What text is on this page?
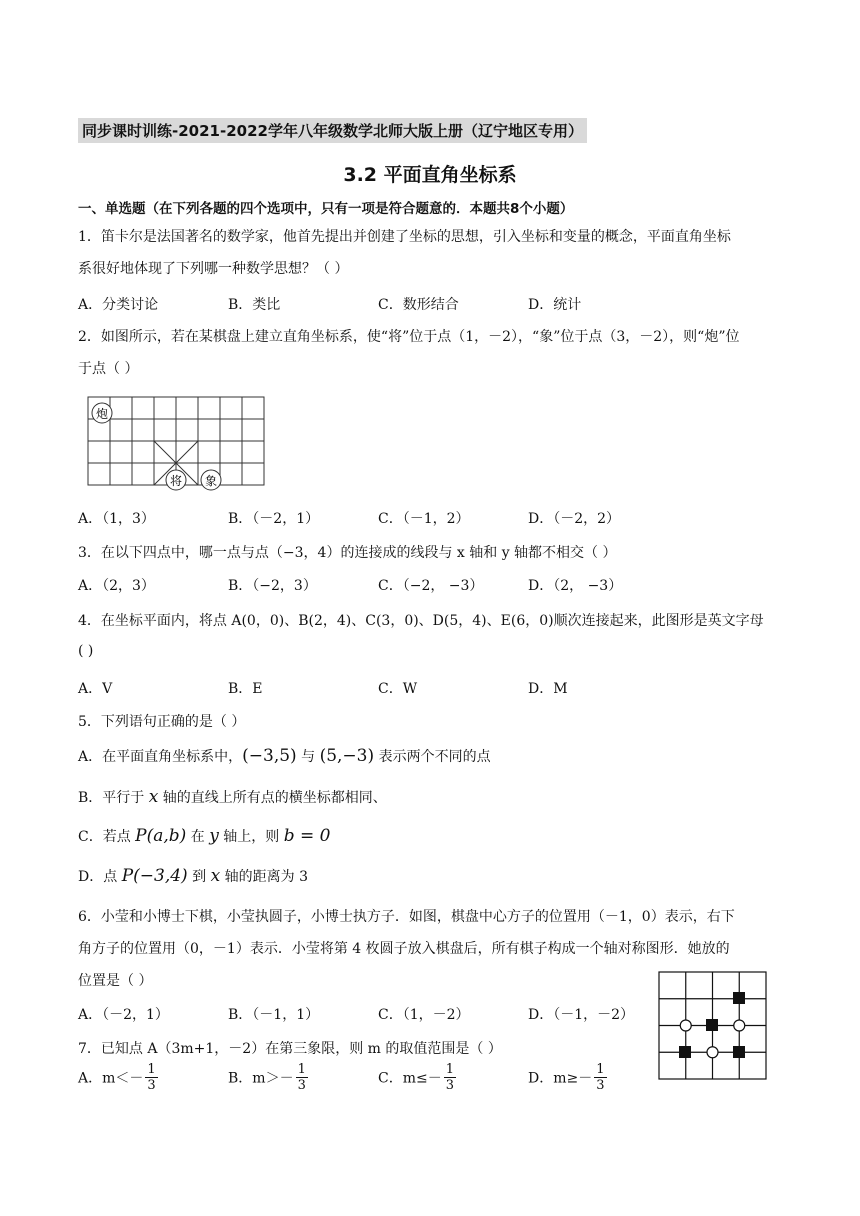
同步课时训练-2021-2022学年八年级数学北师大版上册（辽宁地区专用）
3.2 平面直角坐标系
一、单选题（在下列各题的四个选项中，只有一项是符合题意的．本题共8个小题）
1．笛卡尔是法国著名的数学家，他首先提出并创建了坐标的思想，引入坐标和变量的概念，平面直角坐标
系很好地体现了下列哪一种数学思想？（ ）
A．分类讨论	B．类比	C．数形结合	D．统计
2．如图所示，若在某棋盘上建立直角坐标系，使“将”位于点（1，－2），“象”位于点（3，－2），则“炮”位
于点（ ）
炮
将 象
A．（1，3）	B．（－2，1）	C．（－1，2）	D．（－2，2）
3．在以下四点中，哪一点与点（−3，4）的连接成的线段与 x 轴和 y 轴都不相交（ ）
A．（2，3）	B．（−2，3）	C．（−2， −3）	D．（2， −3）
4．在坐标平面内，将点 A(0，0)、B(2，4)、C(3，0)、D(5，4)、E(6，0)顺次连接起来，此图形是英文字母
( )
A．V	B．E	C．W	D．M
5．下列语句正确的是（ ）
A．在平面直角坐标系中，(−3,5) 与 (5,−3) 表示两个不同的点
B．平行于 x 轴的直线上所有点的横坐标都相同、
C．若点 P(a,b) 在 y 轴上，则 b = 0
D．点 P(−3,4) 到 x 轴的距离为 3
6．小莹和小博士下棋，小莹执圆子，小博士执方子．如图，棋盘中心方子的位置用（－1，0）表示，右下
角方子的位置用（0，－1）表示．小莹将第 4 枚圆子放入棋盘后，所有棋子构成一个轴对称图形．她放的
位置是（ ）
A．（－2，1）	B．（－1，1）	C．（1，－2）	D．（－1，－2）
7．已知点 A（3m+1，－2）在第三象限，则 m 的取值范围是（ ）
A．$m<- \frac{1}{3}$	B．$m>- \frac{1}{3}$	C．$m\le- \frac{1}{3}$	D．$m\ge- \frac{1}{3}$
